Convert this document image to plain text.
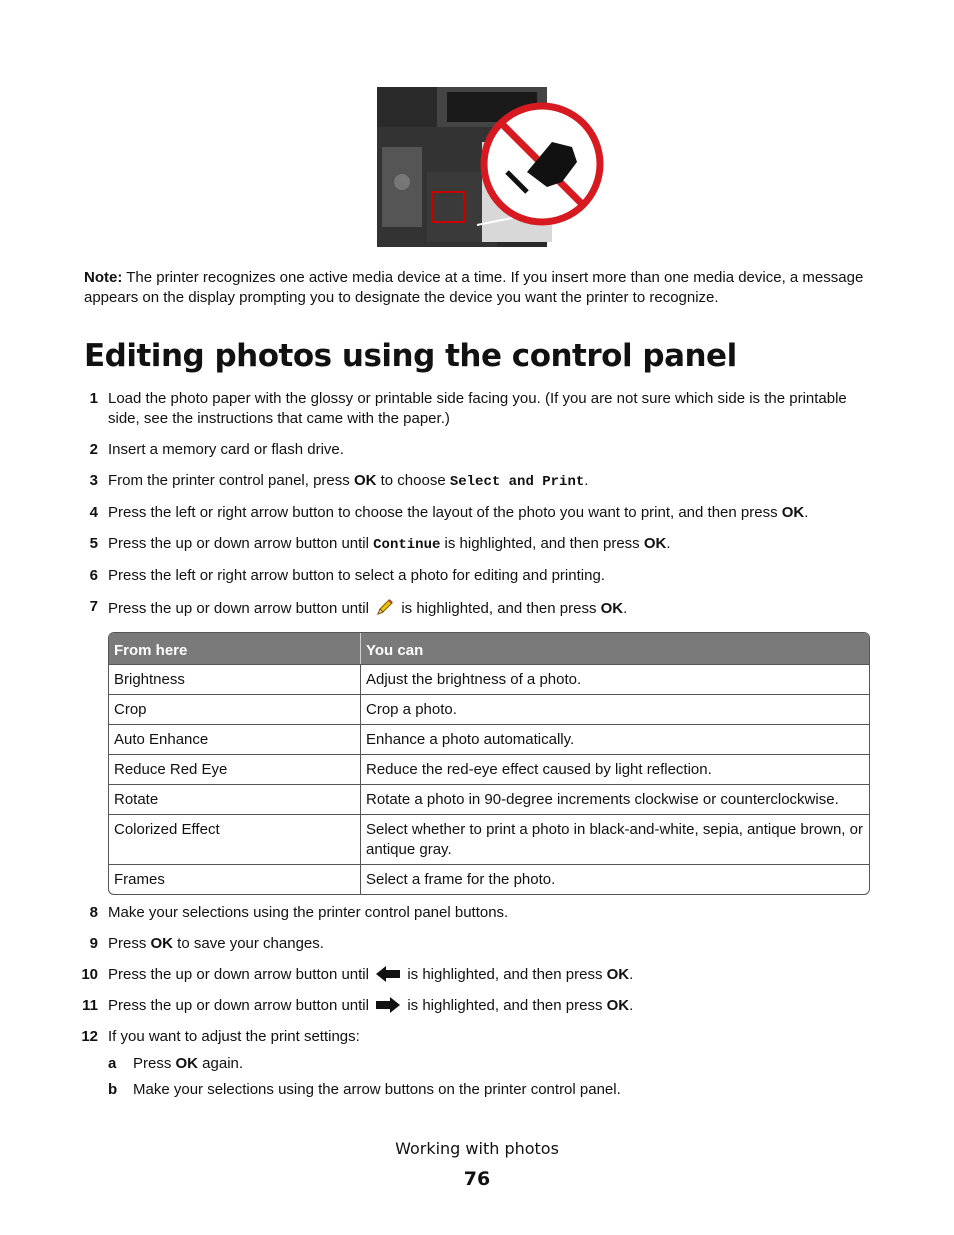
Note: The printer recognizes one active media device at a time. If you insert more than one media device, a message appears on the display prompting you to designate the device you want the printer to recognize.
Editing photos using the control panel
1 Load the photo paper with the glossy or printable side facing you. (If you are not sure which side is the printable side, see the instructions that came with the paper.)
2 Insert a memory card or flash drive.
3 From the printer control panel, press OK to choose Select and Print.
4 Press the left or right arrow button to choose the layout of the photo you want to print, and then press OK.
5 Press the up or down arrow button until Continue is highlighted, and then press OK.
6 Press the left or right arrow button to select a photo for editing and printing.
7 Press the up or down arrow button until  is highlighted, and then press OK.
From here	You can
Brightness	Adjust the brightness of a photo.
Crop	Crop a photo.
Auto Enhance	Enhance a photo automatically.
Reduce Red Eye	Reduce the red-eye effect caused by light reflection.
Rotate	Rotate a photo in 90-degree increments clockwise or counterclockwise.
Colorized Effect	Select whether to print a photo in black-and-white, sepia, antique brown, or antique gray.
Frames	Select a frame for the photo.
8 Make your selections using the printer control panel buttons.
9 Press OK to save your changes.
10 Press the up or down arrow button until  is highlighted, and then press OK.
11 Press the up or down arrow button until  is highlighted, and then press OK.
12 If you want to adjust the print settings:
a	Press OK again.
b	Make your selections using the arrow buttons on the printer control panel.
Working with photos
76
